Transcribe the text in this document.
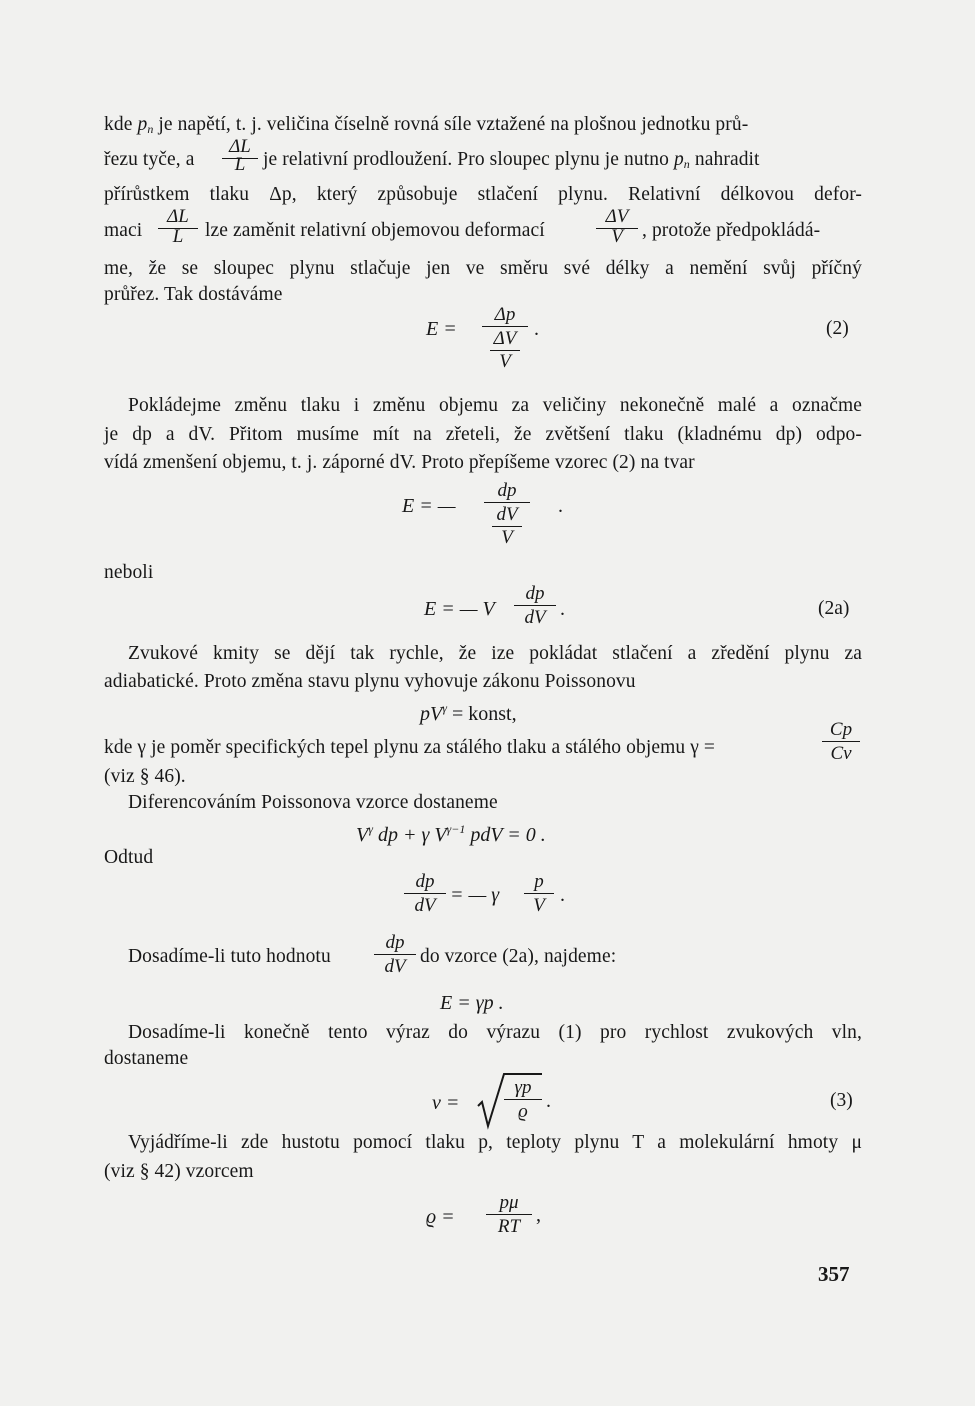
kde $p_n$ je napětí, t. j. veličina číselně rovná síle vztažené na plošnou jednotku prů-
řezu tyče, a
ΔL
L je relativní prodloužení. Pro sloupec plynu je nutno $p_n$ nahradit
přírůstkem tlaku Δp, který způsobuje stlačení plynu. Relativní délkovou defor-
maci
ΔL
L	lze zaměnit relativní objemovou deformací
ΔV
V , protože předpokládá-
me, že se sloupec plynu stlačuje jen ve směru své délky a nemění svůj příčný
průřez. Tak dostáváme
E =
Δp
ΔV
V
.	(2)
Pokládejme změnu tlaku i změnu objemu za veličiny nekonečně malé a označme
je dp a dV. Přitom musíme mít na zřeteli, že zvětšení tlaku (kladnému dp) odpo-
vídá zmenšení objemu, t. j. záporné dV. Proto přepíšeme vzorec (2) na tvar
E = —
dp
dV
V
.
neboli
E = — V
dp
dV .	(2a)
Zvukové kmity se dějí tak rychle, že ize pokládat stlačení a zředění plynu za
adiabatické. Proto změna stavu plynu vyhovuje zákonu Poissonovu
$pV^\gamma$ = konst,
kde γ je poměr specifických tepel plynu za stálého tlaku a stálého objemu γ =
Cp
Cv
(viz § 46).
Diferencováním Poissonova vzorce dostaneme
$V^\gamma$ dp + γ $V^{\gamma-1}$ pdV = 0 .
Odtud
dp
dV = — γ
p
V .
Dosadíme-li tuto hodnotu
dp
dV do vzorce (2a), najdeme:
E = γp .
Dosadíme-li konečně tento výraz do výrazu (1) pro rychlost zvukových vln,
dostaneme
v =
γp
ϱ .	(3)
Vyjádříme-li zde hustotu pomocí tlaku p, teploty plynu T a molekulární hmoty μ
(viz § 42) vzorcem
ϱ =
pμ
RT
,
357
